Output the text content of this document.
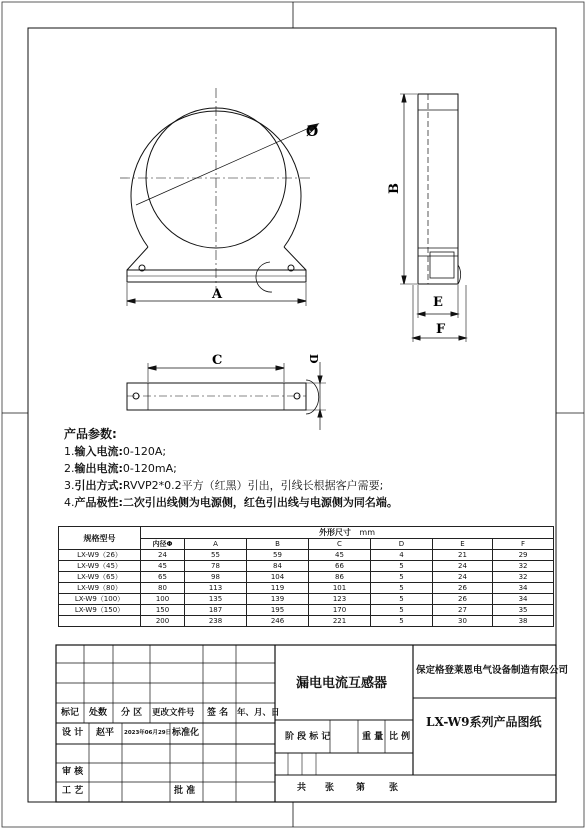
Ø
A
B
E
F
C	D
产品参数:
1.输入电流:0-120A;
2.输出电流:0-120mA;
3.引出方式:RVVP2*0.2平方（红黑）引出，引线长根据客户需要;
4.产品极性:二次引出线侧为电源侧，红色引出线与电源侧为同名端。
规格型号	外形尺寸 mm						
	内径Φ	A	B	C	D	E	F
LX-W9（26）	24	55	59	45	4	21	29
LX-W9（45）	45	78	84	66	5	24	32
LX-W9（65）	65	98	104	86	5	24	32
LX-W9（80）	80	113	119	101	5	26	34
LX-W9（100）	100	135	139	123	5	26	34
LX-W9（150）	150	187	195	170	5	27	35
	200	238	246	221	5	30	38
漏电电流互感器
保定格登莱恩电气设备制造有限公司
LX-W9系列产品图纸
标记 处数 分 区 更改文件号 签 名 年、月、日
设 计 赵平 2023年06月29日 标准化	阶 段 标 记	重 量 比 例
审 核
工 艺	批 准	共 张 第	张
